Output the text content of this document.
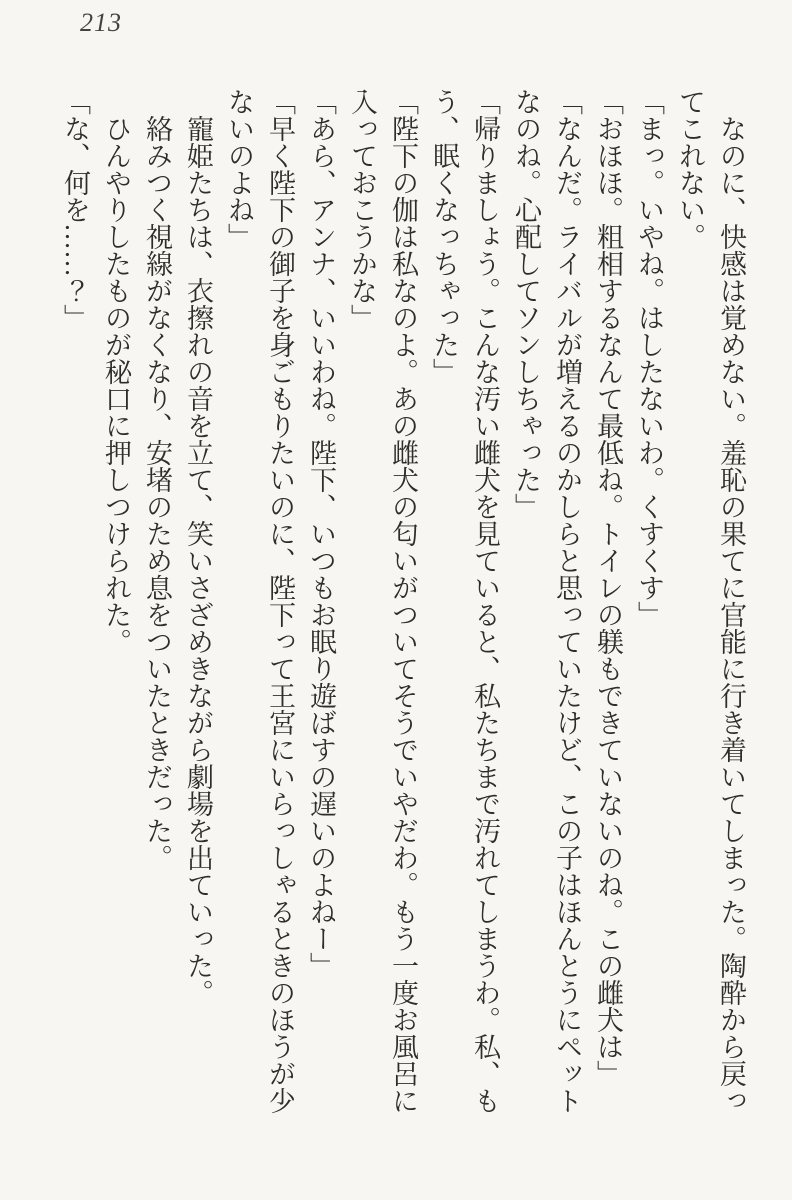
213

　なのに、快感は覚めない。羞恥の果てに官能に行き着いてしまった。陶酔から戻っ

てこれない。

「まっ。いやね。はしたないわ。くすくす」

「おほほ。粗相するなんて最低ね。トイレの躾もできていないのね。この雌犬は」

「なんだ。ライバルが増えるのかしらと思っていたけど、この子はほんとうにペット

なのね。心配してソンしちゃった」

「帰りましょう。こんな汚い雌犬を見ていると、私たちまで汚れてしまうわ。私、も

う、眠くなっちゃった」

「陛下の伽は私なのよ。あの雌犬の匂いがついてそうでいやだわ。もう一度お風呂に

入っておこうかな」

「あら、アンナ、いいわね。陛下、いつもお眠り遊ばすの遅いのよねー」

「早く陛下の御子を身ごもりたいのに、陛下って王宮にいらっしゃるときのほうが少

ないのよね」

　寵姫たちは、衣擦れの音を立て、笑いさざめきながら劇場を出ていった。

　絡みつく視線がなくなり、安堵のため息をついたときだった。

　ひんやりしたものが秘口に押しつけられた。

「な、何を……？」
